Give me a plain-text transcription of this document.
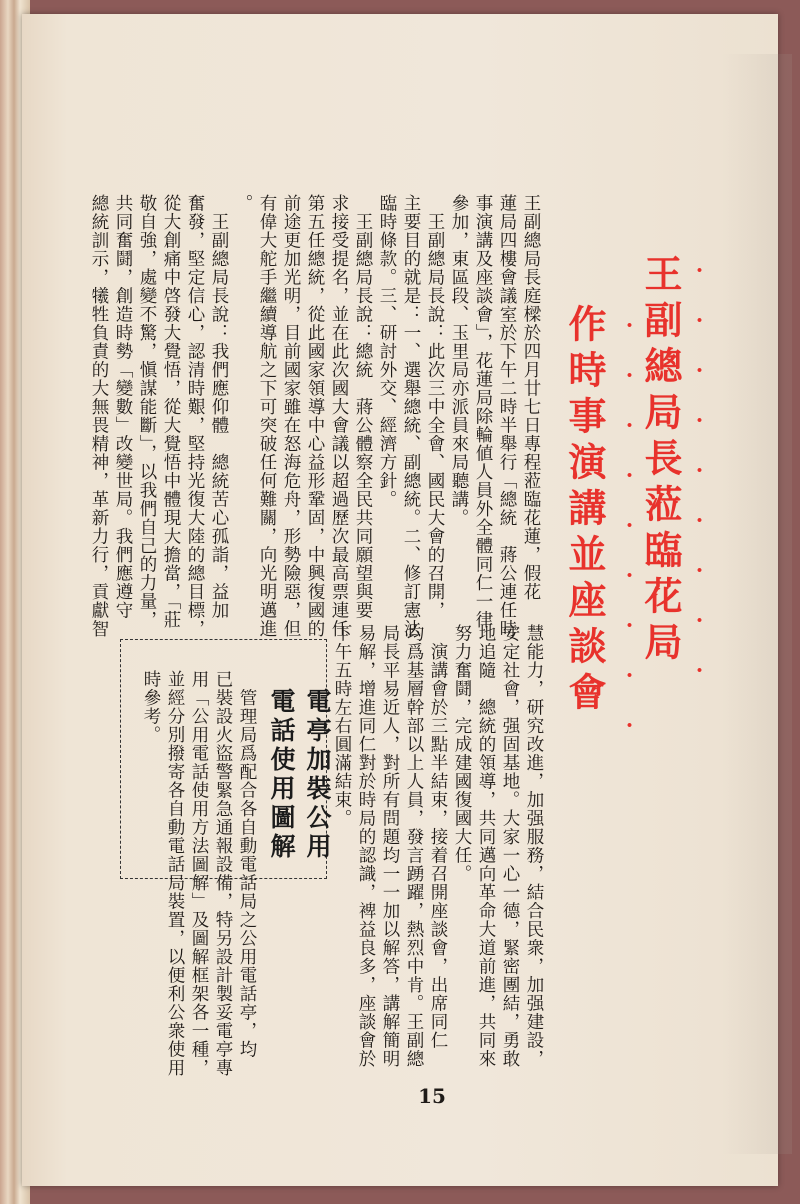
・・・・・・・・・
王副總局長蒞臨花局
・・・・・・・・・
作時事演講並座談會
王副總局長庭樑於四月廿七日專程蒞臨花蓮，假花
蓮局四樓會議室於下午二時半舉行「總統　蔣公連任時
事演講及座談會」，花蓮局除輪値人員外全體同仁一律
參加，東區段、玉里局亦派員來局聽講。
　王副總局長說：此次三中全會、國民大會的召開，
主要目的就是：一、選舉總統、副總統。二、修訂憲法
臨時條款。三、研討外交、經濟方針。
　王副總局長說：總統　蔣公體察全民共同願望與要
求接受提名，並在此次國大會議以超過歷次最高票連任
第五任總統，從此國家領導中心益形鞏固，中興復國的
前途更加光明，目前國家雖在怒海危舟，形勢險惡，但
有偉大舵手繼續導航之下可突破任何難關，向光明邁進
。
　王副總局長說：我們應仰體　總統苦心孤詣，益加
奮發，堅定信心，認清時艱，堅持光復大陸的總目標，
從大創痛中啓發大覺悟，從大覺悟中體現大擔當，「莊
敬自強，處變不驚，愼謀能斷」，以我們自己的力量，
共同奮鬪，創造時勢「變數」改變世局。我們應遵守
總統訓示，犧牲負責的大無畏精神，革新力行，貢獻智
慧能力，研究改進，加强服務，結合民衆，加强建設，
安定社會，强固基地。大家一心一德，緊密團結，勇敢
地追隨　總統的領導，共同邁向革命大道前進，共同來
努力奮鬪，完成建國復國大任。
　演講會於三點半結束，接着召開座談會，出席同仁
均爲基層幹部以上人員，發言踴躍，熱烈中肯。王副總
局長平易近人，對所有問題均一一加以解答，講解簡明
易解，增進同仁對於時局的認識，裨益良多，座談會於
下午五時左右圓滿結束。
電亭加裝公用電話使用圖解
　管理局爲配合各自動電話局之公用電話亭，均
已裝設火盜警緊急通報設備，特另設計製妥電亭專
用「公用電話使用方法圖解」及圖解框架各一種，
並經分別撥寄各自動電話局裝置，以便利公衆使用
時參考。
15
